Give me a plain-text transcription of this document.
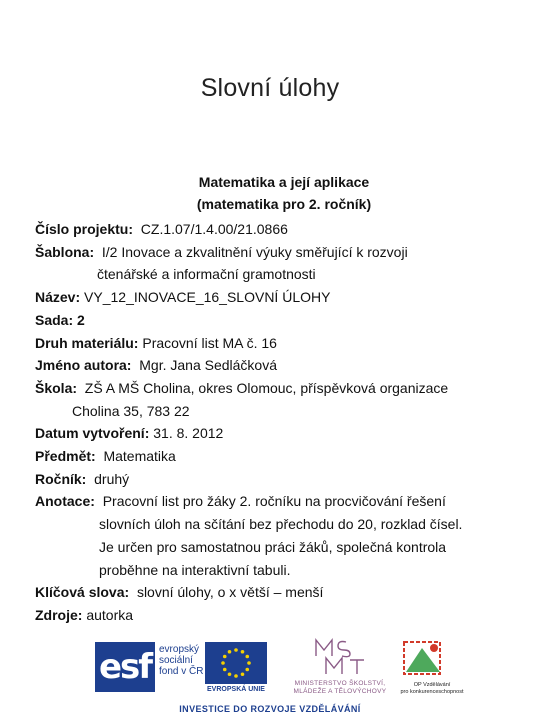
Slovní úlohy
Matematika a její aplikace
(matematika pro 2. ročník)
Číslo projektu: CZ.1.07/1.4.00/21.0866
Šablona: I/2 Inovace a zkvalitnění výuky směřující k rozvoji
čtenářské a informační gramotnosti
Název: VY_12_INOVACE_16_SLOVNÍ ÚLOHY
Sada: 2
Druh materiálu: Pracovní list MA č. 16
Jméno autora: Mgr. Jana Sedláčková
Škola: ZŠ A MŠ Cholina, okres Olomouc, příspěvková organizace
Cholina 35, 783 22
Datum vytvoření: 31. 8. 2012
Předmět: Matematika
Ročník: druhý
Anotace: Pracovní list pro žáky 2. ročníku na procvičování řešení
slovních úloh na sčítání bez přechodu do 20, rozklad čísel.
Je určen pro samostatnou práci žáků, společná kontrola
proběhne na interaktivní tabuli.
Klíčová slova: slovní úlohy, o x větší – menší
Zdroje: autorka
esf evropský
sociální
fond v ČR
EVROPSKÁ UNIE
MINISTERSTVO ŠKOLSTVÍ,
MLÁDEŽE A TĚLOVÝCHOVY
OP Vzdělávání
pro konkurenceschopnost
INVESTICE DO ROZVOJE VZDĚLÁVÁNÍ
